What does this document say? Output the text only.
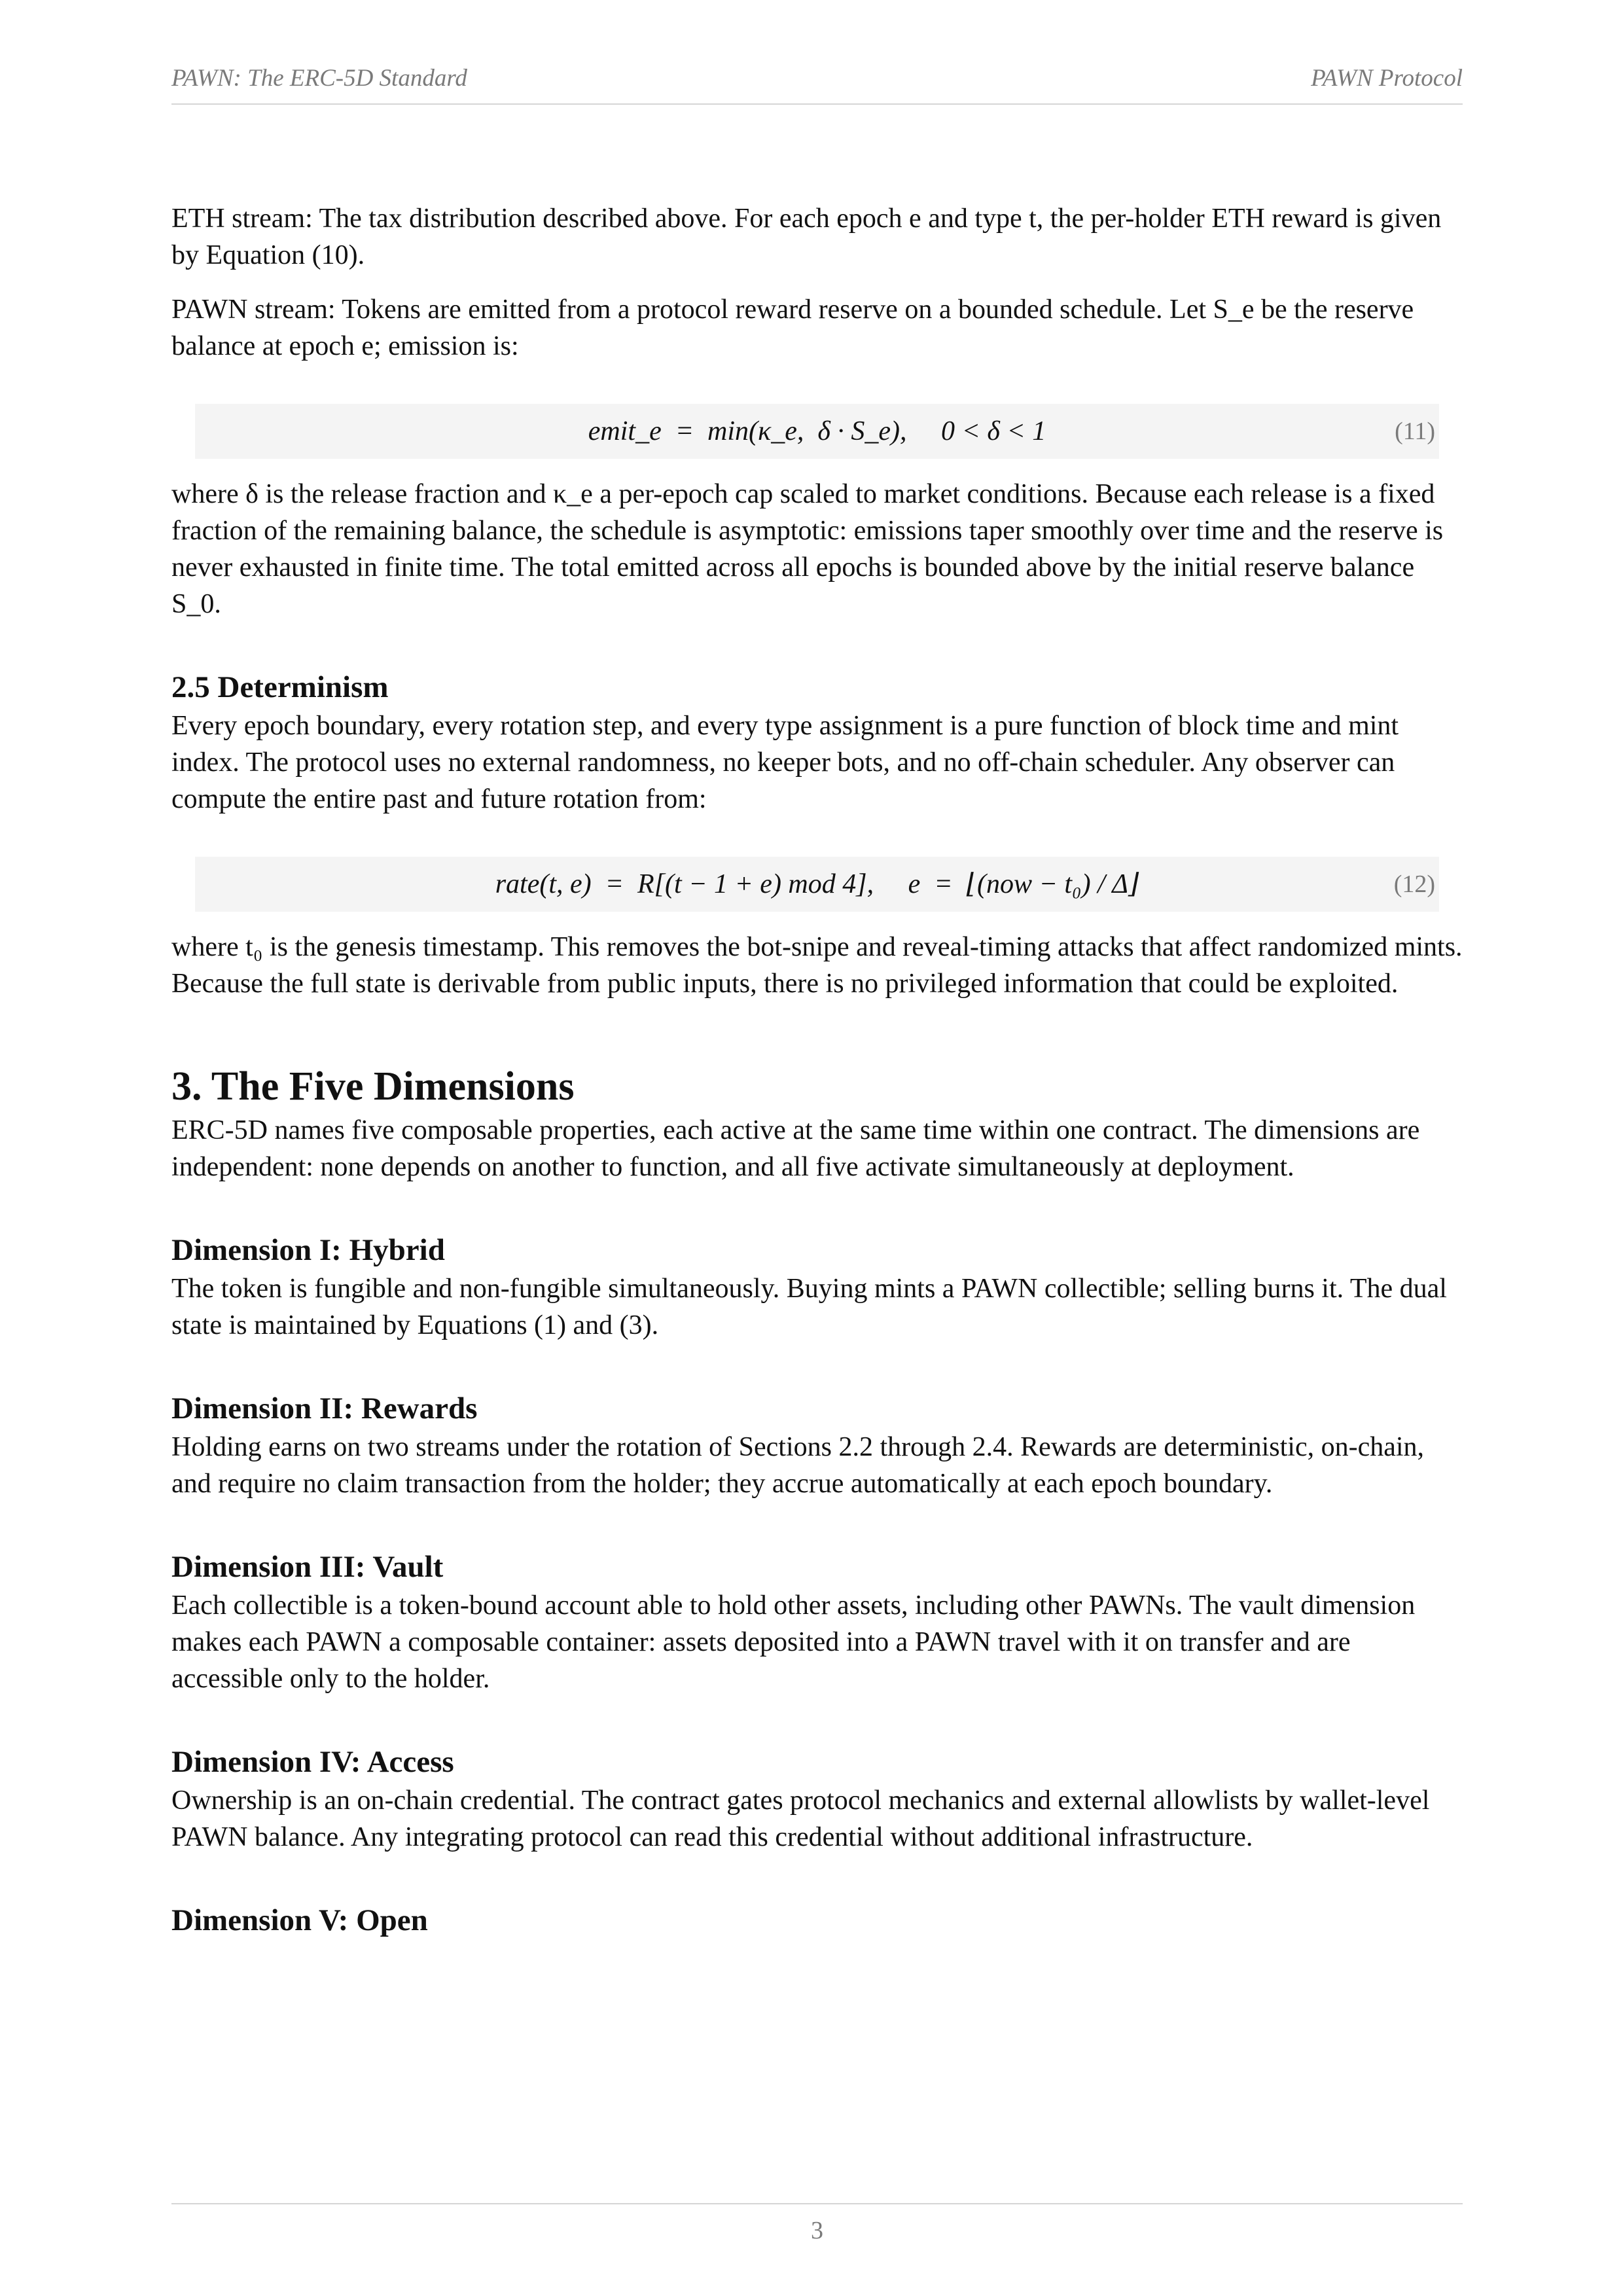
PAWN: The ERC-5D Standard	PAWN Protocol

ETH stream: The tax distribution described above. For each epoch e and type t, the per-holder ETH reward is given by Equation (10).

PAWN stream: Tokens are emitted from a protocol reward reserve on a bounded schedule. Let S_e be the reserve balance at epoch e; emission is:

emit_e  =  min(κ_e,  δ · S_e),     0 < δ < 1	(11)

where δ is the release fraction and κ_e a per-epoch cap scaled to market conditions. Because each release is a fixed fraction of the remaining balance, the schedule is asymptotic: emissions taper smoothly over time and the reserve is never exhausted in finite time. The total emitted across all epochs is bounded above by the initial reserve balance S_0.

2.5 Determinism

Every epoch boundary, every rotation step, and every type assignment is a pure function of block time and mint index. The protocol uses no external randomness, no keeper bots, and no off-chain scheduler. Any observer can compute the entire past and future rotation from:

rate(t, e)  =  R[(t − 1 + e) mod 4],     e  =  ⌊(now − t₀) / Δ⌋	(12)

where t₀ is the genesis timestamp. This removes the bot-snipe and reveal-timing attacks that affect randomized mints. Because the full state is derivable from public inputs, there is no privileged information that could be exploited.

3. The Five Dimensions

ERC-5D names five composable properties, each active at the same time within one contract. The dimensions are independent: none depends on another to function, and all five activate simultaneously at deployment.

Dimension I: Hybrid

The token is fungible and non-fungible simultaneously. Buying mints a PAWN collectible; selling burns it. The dual state is maintained by Equations (1) and (3).

Dimension II: Rewards

Holding earns on two streams under the rotation of Sections 2.2 through 2.4. Rewards are deterministic, on-chain, and require no claim transaction from the holder; they accrue automatically at each epoch boundary.

Dimension III: Vault

Each collectible is a token-bound account able to hold other assets, including other PAWNs. The vault dimension makes each PAWN a composable container: assets deposited into a PAWN travel with it on transfer and are accessible only to the holder.

Dimension IV: Access

Ownership is an on-chain credential. The contract gates protocol mechanics and external allowlists by wallet-level PAWN balance. Any integrating protocol can read this credential without additional infrastructure.

Dimension V: Open
3
